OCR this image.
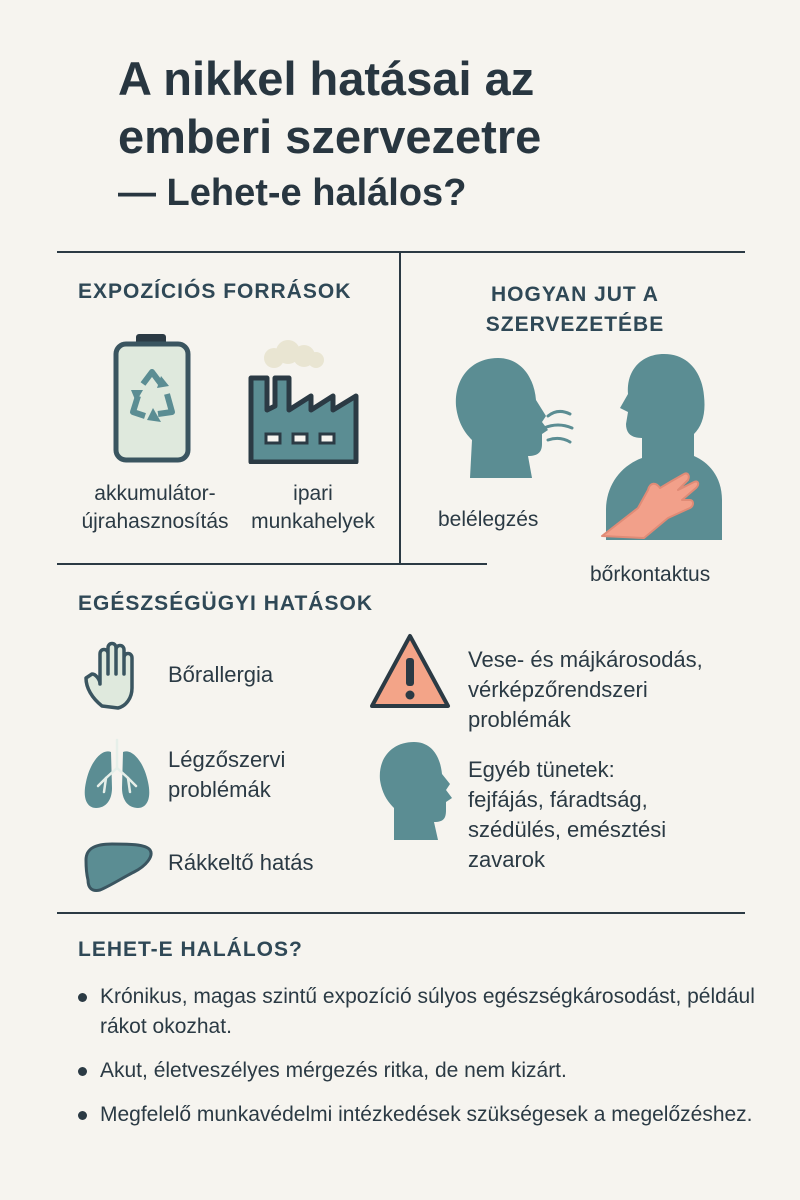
A nikkel hatásai az
emberi szervezetre
— Lehet-e halálos?
EXPOZÍCIÓS FORRÁSOK
akkumulátor-
újrahasznosítás
ipari
munkahelyek
HOGYAN JUT A
SZERVEZETÉBE
belélegzés
bőrkontaktus
EGÉSZSÉGÜGYI HATÁSOK
Bőrallergia
Légzőszervi
problémák
Rákkeltő hatás
Vese- és májkárosodás,
vérképzőrendszeri
problémák
Egyéb tünetek:
fejfájás, fáradtság,
szédülés, emésztési
zavarok
LEHET-E HALÁLOS?
Krónikus, magas szintű expozíció súlyos egészségkárosodást, például rákot okozhat.
Akut, életveszélyes mérgezés ritka, de nem kizárt.
Megfelelő munkavédelmi intézkedések szükségesek a megelőzéshez.
